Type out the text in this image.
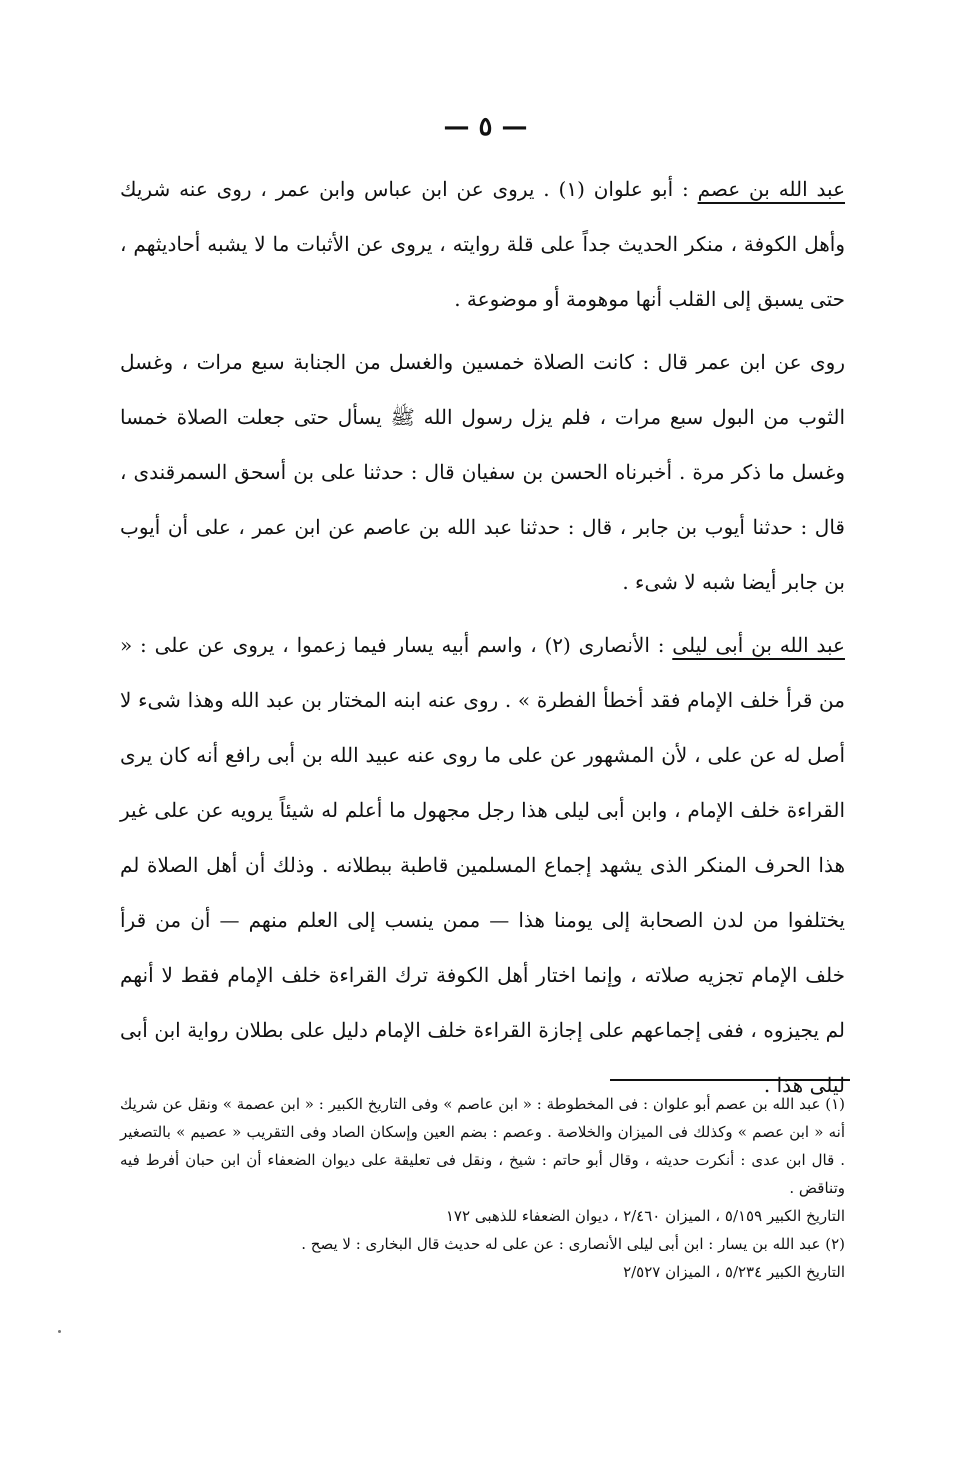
— ٥ —

عبد الله بن عصم : أبو علوان (١) . يروى عن ابن عباس وابن عمر ، روى عنه شريك وأهل الكوفة ، منكر الحديث جداً على قلة روايته ، يروى عن الأثبات ما لا يشبه أحاديثهم ، حتى يسبق إلى القلب أنها موهومة أو موضوعة .

روى عن ابن عمر قال : كانت الصلاة خمسين والغسل من الجنابة سبع مرات ، وغسل الثوب من البول سبع مرات ، فلم يزل رسول الله ﷺ يسأل حتى جعلت الصلاة خمسا وغسل ما ذكر مرة . أخبرناه الحسن بن سفيان قال : حدثنا على بن أسحق السمرقندى ، قال : حدثنا أيوب بن جابر ، قال : حدثنا عبد الله بن عاصم عن ابن عمر ، على أن أيوب بن جابر أيضا شبه لا شىء .

عبد الله بن أبى ليلى : الأنصارى (٢) ، واسم أبيه يسار فيما زعموا ، يروى عن على : « من قرأ خلف الإمام فقد أخطأ الفطرة » . روى عنه ابنه المختار بن عبد الله وهذا شىء لا أصل له عن على ، لأن المشهور عن على ما روى عنه عبيد الله بن أبى رافع أنه كان يرى القراءة خلف الإمام ، وابن أبى ليلى هذا رجل مجهول ما أعلم له شيئاً يرويه عن على غير هذا الحرف المنكر الذى يشهد إجماع المسلمين قاطبة ببطلانه . وذلك أن أهل الصلاة لم يختلفوا من لدن الصحابة إلى يومنا هذا — ممن ينسب إلى العلم منهم — أن من قرأ خلف الإمام تجزيه صلاته ، وإنما اختار أهل الكوفة ترك القراءة خلف الإمام فقط لا أنهم لم يجيزوه ، ففى إجماعهم على إجازة القراءة خلف الإمام دليل على بطلان رواية ابن أبى ليلى هذا .

(١) عبد الله بن عصم أبو علوان : فى المخطوطة : « ابن عاصم » وفى التاريخ الكبير : « ابن عصمة » ونقل عن شريك أنه « ابن عصم » وكذلك فى الميزان والخلاصة . وعصم : بضم العين وإسكان الصاد وفى التقريب « عصيم » بالتصغير . قال ابن عدى : أنكرت حديثه ، وقال أبو حاتم : شيخ ، ونقل فى تعليقة على ديوان الضعفاء أن ابن حبان أفرط فيه وتناقض .

التاريخ الكبير ٥/١٥٩ ، الميزان ٢/٤٦٠ ، ديوان الضعفاء للذهبى ١٧٢

(٢) عبد الله بن يسار : ابن أبى ليلى الأنصارى : عن على له حديث قال البخارى : لا يصح .

التاريخ الكبير ٥/٢٣٤ ، الميزان ٢/٥٢٧
